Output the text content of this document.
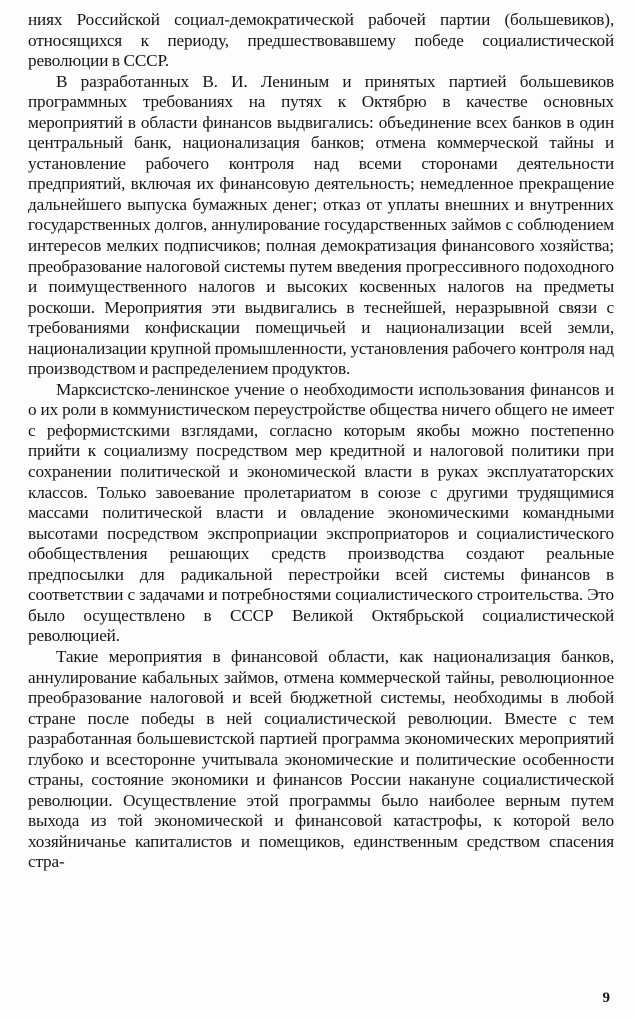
ниях Российской социал-демократической рабочей партии (большевиков), относящихся к периоду, предшествовавшему победе социалистической революции в СССР.

В разработанных В. И. Лениным и принятых партией большевиков программных требованиях на путях к Октябрю в качестве основных мероприятий в области финансов выдвигались: объединение всех банков в один центральный банк, национализация банков; отмена коммерческой тайны и установление рабочего контроля над всеми сторонами деятельности предприятий, включая их финансовую деятельность; немедленное прекращение дальнейшего выпуска бумажных денег; отказ от уплаты внешних и внутренних государственных долгов, аннулирование государственных займов с соблюдением интересов мелких подписчиков; полная демократизация финансового хозяйства; преобразование налоговой системы путем введения прогрессивного подоходного и поимущественного налогов и высоких косвенных налогов на предметы роскоши. Мероприятия эти выдвигались в теснейшей, неразрывной связи с требованиями конфискации помещичьей и национализации всей земли, национализации крупной промышленности, установления рабочего контроля над производством и распределением продуктов.

Марксистско-ленинское учение о необходимости использования финансов и о их роли в коммунистическом переустройстве общества ничего общего не имеет с реформистскими взглядами, согласно которым якобы можно постепенно прийти к социализму посредством мер кредитной и налоговой политики при сохранении политической и экономической власти в руках эксплуататорских классов. Только завоевание пролетариатом в союзе с другими трудящимися массами политической власти и овладение экономическими командными высотами посредством экспроприации экспроприаторов и социалистического обобществления решающих средств производства создают реальные предпосылки для радикальной перестройки всей системы финансов в соответствии с задачами и потребностями социалистического строительства. Это было осуществлено в СССР Великой Октябрьской социалистической революцией.

Такие мероприятия в финансовой области, как национализация банков, аннулирование кабальных займов, отмена коммерческой тайны, революционное преобразование налоговой и всей бюджетной системы, необходимы в любой стране после победы в ней социалистической революции. Вместе с тем разработанная большевистской партией программа экономических мероприятий глубоко и всесторонне учитывала экономические и политические особенности страны, состояние экономики и финансов России накануне социалистической революции. Осуществление этой программы было наиболее верным путем выхода из той экономической и финансовой катастрофы, к которой вело хозяйничанье капиталистов и помещиков, единственным средством спасения стра-

9
